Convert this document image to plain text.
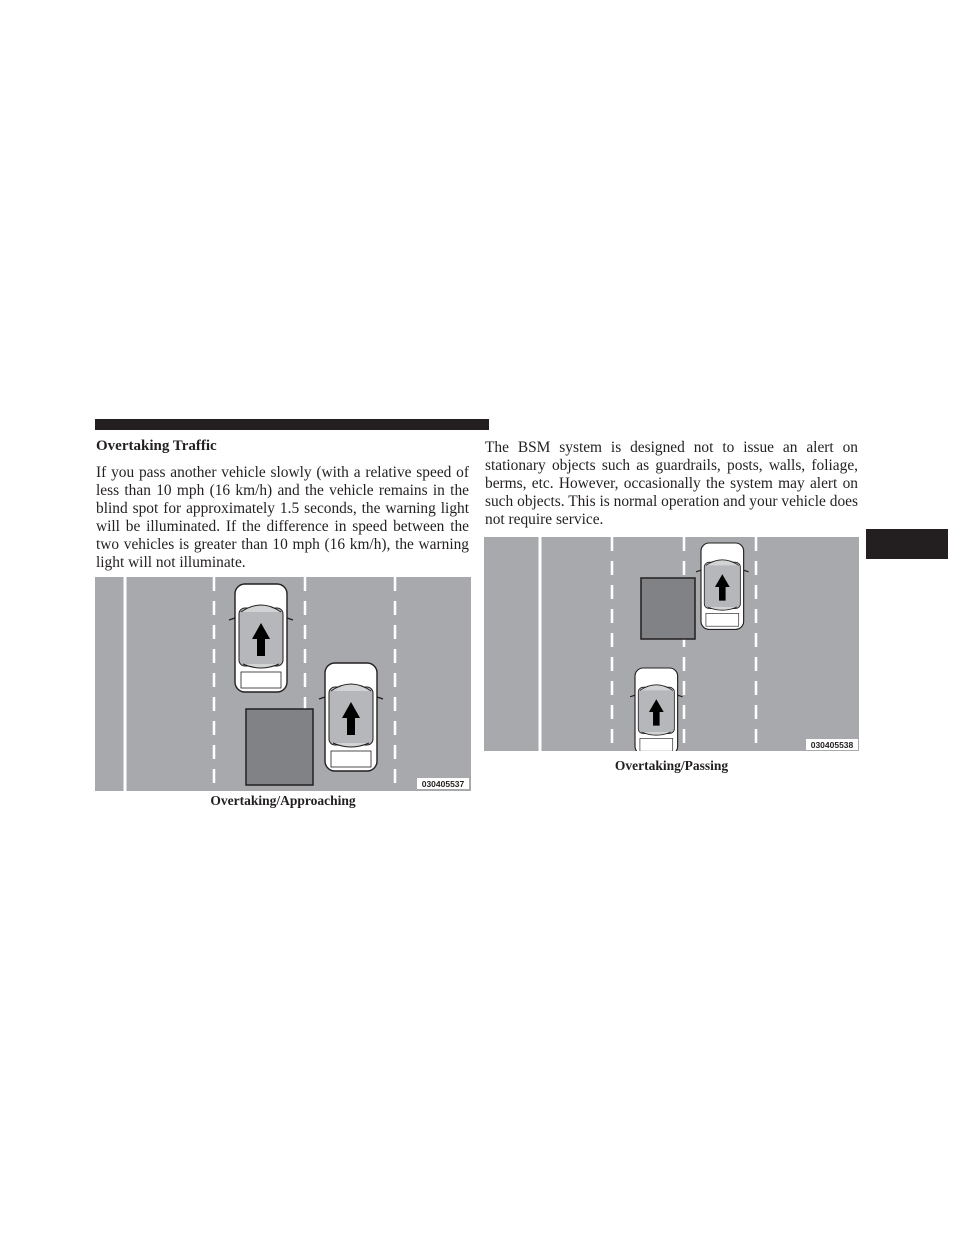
Overtaking Traffic

If you pass another vehicle slowly (with a relative speed of less than 10 mph (16 km/h) and the vehicle remains in the blind spot for approximately 1.5 seconds, the warning light will be illuminated. If the difference in speed between the two vehicles is greater than 10 mph (16 km/h), the warning light will not illuminate.

The BSM system is designed not to issue an alert on stationary objects such as guardrails, posts, walls, foliage, berms, etc. However, occasionally the system may alert on such objects. This is normal operation and your vehicle does not require service.

030405537

Overtaking/Approaching

030405538

Overtaking/Passing
